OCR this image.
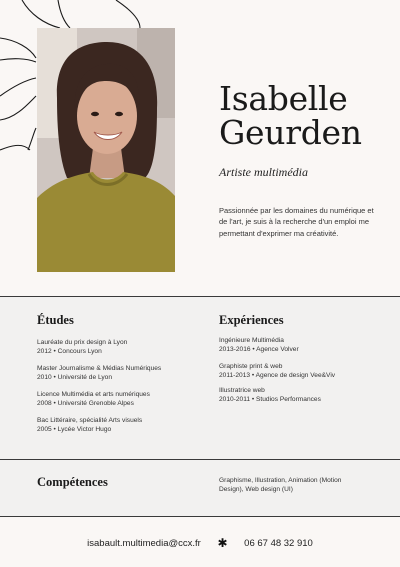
Isabelle
Geurden
Artiste multimédia
Passionnée par les domaines du numérique et de l'art, je suis à la recherche d'un emploi me permettant d'exprimer ma créativité.
Études	Expériences
Lauréate du prix design à Lyon
2012 • Concours Lyon
Master Journalisme & Médias Numériques
2010 • Université de Lyon
Licence Multimédia et arts numériques
2008 • Université Grenoble Alpes
Bac Littéraire, spécialité Arts visuels
2005 • Lycée Victor Hugo
Ingénieure Multimédia
2013-2016 • Agence Volver
Graphiste print & web
2011-2013 • Agence de design Vee&Viv
Illustratrice web
2010-2011 • Studios Performances
Compétences	Graphisme, Illustration, Animation (Motion
Design), Web design (UI)
isabault.multimedia@ccx.fr ✱ 06 67 48 32 910
